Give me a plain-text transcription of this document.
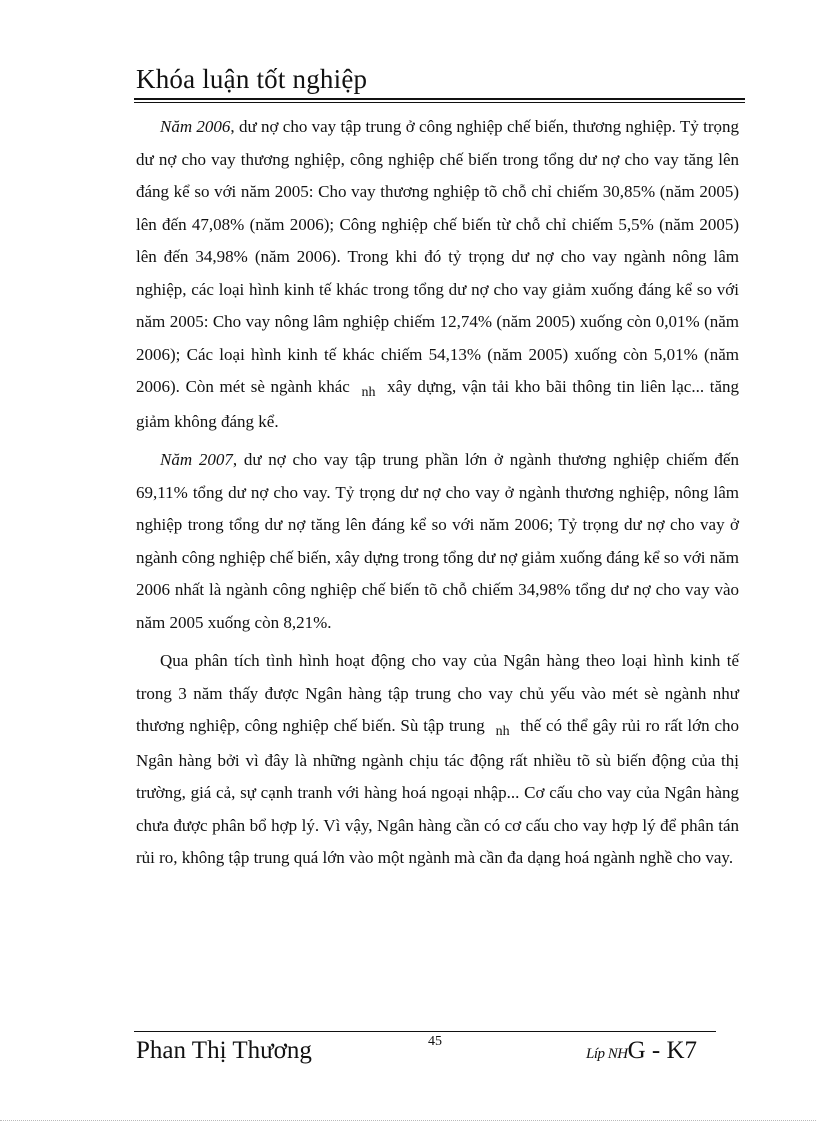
Khóa luận tốt nghiệp

Năm 2006, dư nợ cho vay tập trung ở công nghiệp chế biến, thương nghiệp. Tỷ trọng dư nợ cho vay thương nghiệp, công nghiệp chế biến trong tổng dư nợ cho vay tăng lên đáng kể so với năm 2005: Cho vay thương nghiệp tõ chỗ chỉ chiếm 30,85% (năm 2005) lên đến 47,08% (năm 2006); Công nghiệp chế biến từ chỗ chỉ chiếm 5,5% (năm 2005) lên đến 34,98% (năm 2006). Trong khi đó tỷ trọng dư nợ cho vay ngành nông lâm nghiệp, các loại hình kinh tế khác trong tổng dư nợ cho vay giảm xuống đáng kể so với năm 2005: Cho vay nông lâm nghiệp chiếm 12,74% (năm 2005) xuống còn 0,01% (năm 2006); Các loại hình kinh tế khác chiếm 54,13% (năm 2005) xuống còn 5,01% (năm 2006). Còn mét sè ngành khác $_{nh}$ xây dựng, vận tải kho bãi thông tin liên lạc... tăng giảm không đáng kể.

Năm 2007, dư nợ cho vay tập trung phần lớn ở ngành thương nghiệp chiếm đến 69,11% tổng dư nợ cho vay. Tỷ trọng dư nợ cho vay ở ngành thương nghiệp, nông lâm nghiệp trong tổng dư nợ tăng lên đáng kể so với năm 2006; Tỷ trọng dư nợ cho vay ở ngành công nghiệp chế biến, xây dựng trong tổng dư nợ giảm xuống đáng kể so với năm 2006 nhất là ngành công nghiệp chế biến tõ chỗ chiếm 34,98% tổng dư nợ cho vay vào năm 2005 xuống còn 8,21%.

Qua phân tích tình hình hoạt động cho vay của Ngân hàng theo loại hình kinh tế trong 3 năm thấy được Ngân hàng tập trung cho vay chủ yếu vào mét sè ngành như thương nghiệp, công nghiệp chế biến. Sù tập trung $_{nh}$ thế có thể gây rủi ro rất lớn cho Ngân hàng bởi vì đây là những ngành chịu tác động rất nhiều tõ sù biến động của thị trường, giá cả, sự cạnh tranh với hàng hoá ngoại nhập... Cơ cấu cho vay của Ngân hàng chưa được phân bổ hợp lý. Vì vậy, Ngân hàng cần có cơ cấu cho vay hợp lý để phân tán rủi ro, không tập trung quá lớn vào một ngành mà cần đa dạng hoá ngành nghề cho vay.

Phan Thị Thương	45
Líp NHG - K7
